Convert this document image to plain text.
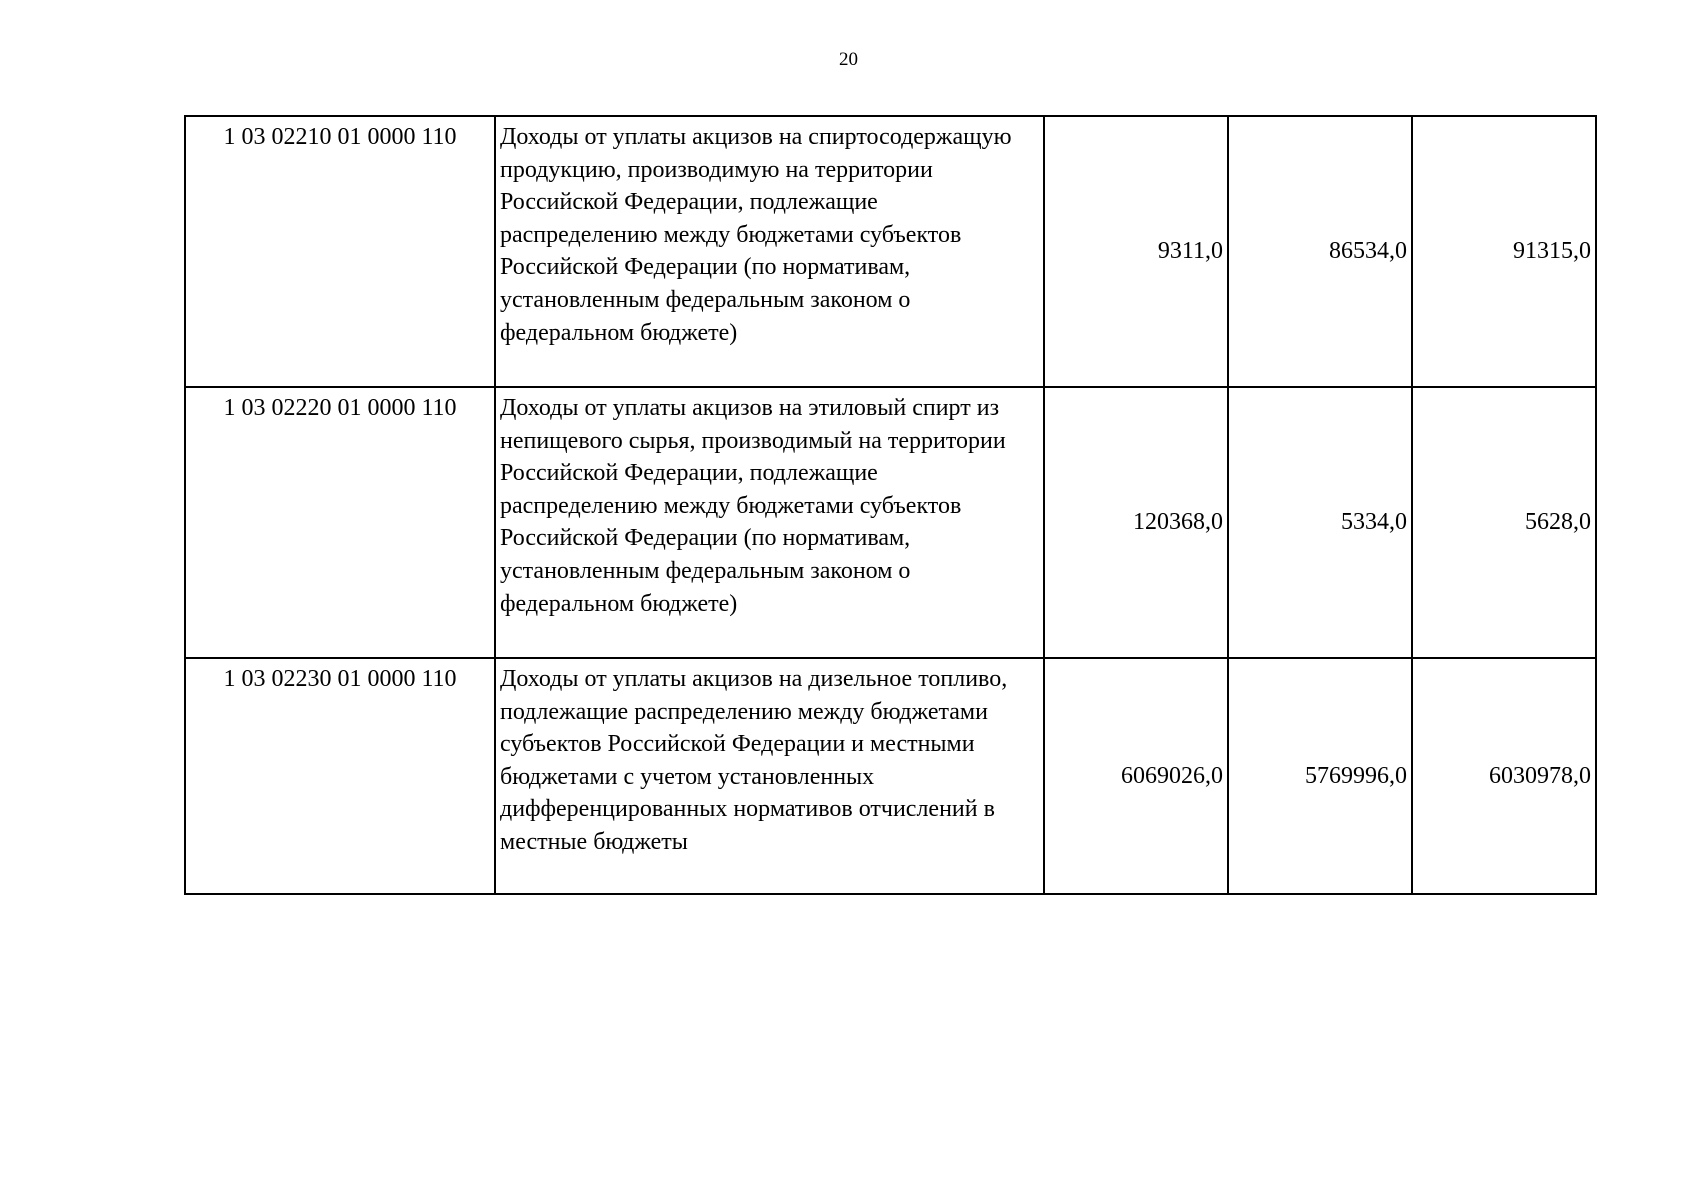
20
1 03 02210 01 0000 110	Доходы от уплаты акцизов на спиртосодержащую продукцию, производимую на территории Российской Федерации, подлежащие распределению между бюджетами субъектов Российской Федерации (по нормативам, установленным федеральным законом о федеральном бюджете)	9311,0	86534,0	91315,0
1 03 02220 01 0000 110	Доходы от уплаты акцизов на этиловый спирт из непищевого сырья, производимый на территории Российской Федерации, подлежащие распределению между бюджетами субъектов Российской Федерации (по нормативам, установленным федеральным законом о федеральном бюджете)	120368,0	5334,0	5628,0
1 03 02230 01 0000 110	Доходы от уплаты акцизов на дизельное топливо, подлежащие распределению между бюджетами субъектов Российской Федерации и местными бюджетами с учетом установленных дифференцированных нормативов отчислений в местные бюджеты	6069026,0	5769996,0	6030978,0
